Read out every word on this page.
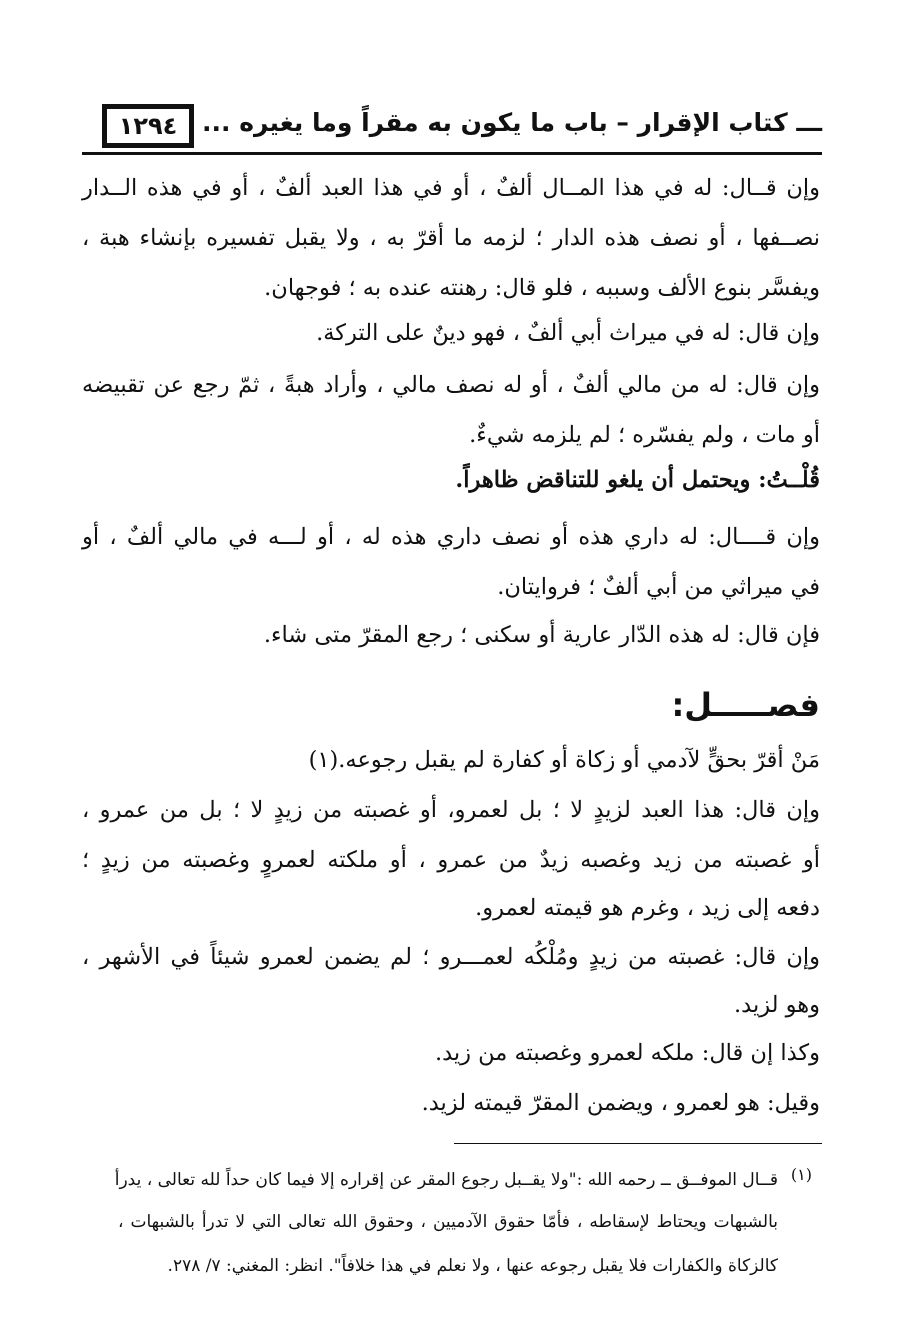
١٢٩٤ ـــ كتاب الإقرار – باب ما يكون به مقراً وما يغيره ...
وإن قــال: له في هذا المــال ألفٌ ، أو في هذا العبد ألفٌ ، أو في هذه الــدار
نصــفها ، أو نصف هذه الدار ؛ لزمه ما أقرّ به ، ولا يقبل تفسيره بإنشاء هبة ،
ويفسَّر بنوع الألف وسببه ، فلو قال: رهنته عنده به ؛ فوجهان.
وإن قال: له في ميراث أبي ألفٌ ، فهو دينٌ على التركة.
وإن قال: له من مالي ألفٌ ، أو له نصف مالي ، وأراد هبةً ، ثمّ رجع عن تقبيضه
أو مات ، ولم يفسّره ؛ لم يلزمه شيءٌ.
قُلْــتُ: ويحتمل أن يلغو للتناقض ظاهراً.
وإن قــــال: له داري هذه أو نصف داري هذه له ، أو لـــه في مالي ألفٌ ، أو
في ميراثي من أبي ألفٌ ؛ فروايتان.
فإن قال: له هذه الدّار عارية أو سكنى ؛ رجع المقرّ متى شاء.
فصـــــل:
مَنْ أقرّ بحقٍّ لآدمي أو زكاة أو كفارة لم يقبل رجوعه.(١)
وإن قال: هذا العبد لزيدٍ لا ؛ بل لعمرو، أو غصبته من زيدٍ لا ؛ بل من عمرو ،
أو غصبته من زيد وغصبه زيدٌ من عمرو ، أو ملكته لعمروٍ وغصبته من زيدٍ ؛
دفعه إلى زيد ، وغرم هو قيمته لعمرو.
وإن قال: غصبته من زيدٍ ومُلْكُه لعمـــرو ؛ لم يضمن لعمرو شيئاً في الأشهر ،
وهو لزيد.
وكذا إن قال: ملكه لعمرو وغصبته من زيد.
وقيل: هو لعمرو ، ويضمن المقرّ قيمته لزيد.
(١)
قــال الموفــق ــ رحمه الله :"ولا يقــبل رجوع المقر عن إقراره إلا فيما كان حداً لله تعالى ، يدرأ
بالشبهات ويحتاط لإسقاطه ، فأمّا حقوق الآدميين ، وحقوق الله تعالى التي لا تدرأ بالشبهات ،
كالزكاة والكفارات فلا يقبل رجوعه عنها ، ولا نعلم في هذا خلافاً". انظر: المغني: ٧/ ٢٧٨.
